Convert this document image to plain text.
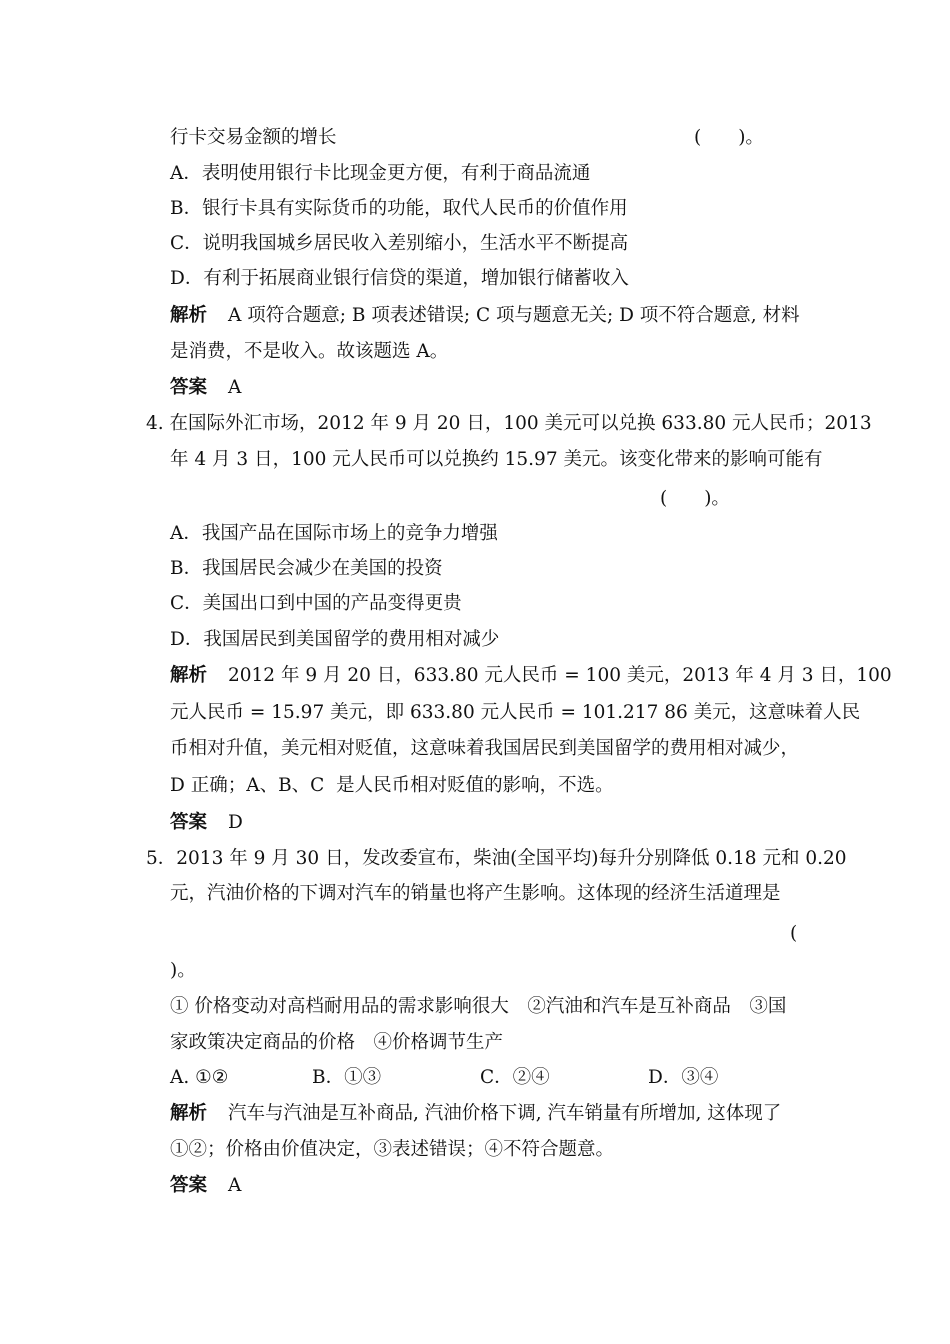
行卡交易金额的增长	(　　)。
A．表明使用银行卡比现金更方便，有利于商品流通
B．银行卡具有实际货币的功能，取代人民币的价值作用
C．说明我国城乡居民收入差别缩小，生活水平不断提高
D．有利于拓展商业银行信贷的渠道，增加银行储蓄收入
解析 A 项符合题意; B 项表述错误; C 项与题意无关; D 项不符合题意, 材料
是消费，不是收入。故该题选 A。
答案 A
4. 在国际外汇市场，2012 年 9 月 20 日，100 美元可以兑换 633.80 元人民币；2013
年 4 月 3 日，100 元人民币可以兑换约 15.97 美元。该变化带来的影响可能有
(　　)。
A．我国产品在国际市场上的竞争力增强
B．我国居民会减少在美国的投资
C．美国出口到中国的产品变得更贵
D．我国居民到美国留学的费用相对减少
解析 2012 年 9 月 20 日，633.80 元人民币 = 100 美元，2013 年 4 月 3 日，100
元人民币 = 15.97 美元，即 633.80 元人民币 = 101.217 86 美元，这意味着人民
币相对升值，美元相对贬值，这意味着我国居民到美国留学的费用相对减少，
D 正确；A、B、C  是人民币相对贬值的影响，不选。
答案 D
5．2013 年 9 月 30 日，发改委宣布，柴油(全国平均)每升分别降低 0.18 元和 0.20
元，汽油价格的下调对汽车的销量也将产生影响。这体现的经济生活道理是
(
)。
① 价格变动对高档耐用品的需求影响很大　②汽油和汽车是互补商品　③国
家政策决定商品的价格　④价格调节生产
A. ①②	B．①③	C．②④	D．③④
解析 汽车与汽油是互补商品, 汽油价格下调, 汽车销量有所增加, 这体现了
①②；价格由价值决定，③表述错误；④不符合题意。
答案 A
